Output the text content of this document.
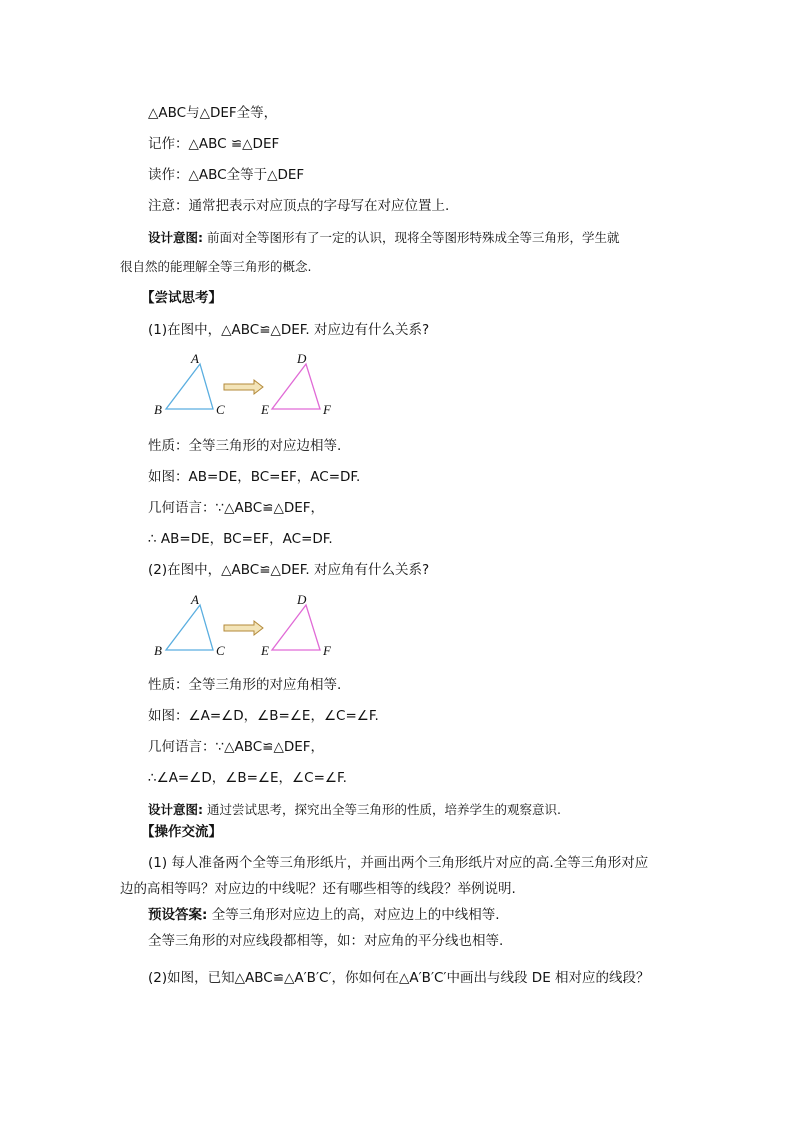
△ABC与△DEF全等，
记作：△ABC ≌△DEF
读作：△ABC全等于△DEF
注意：通常把表示对应顶点的字母写在对应位置上.
设计意图: 前面对全等图形有了一定的认识，现将全等图形特殊成全等三角形，学生就
很自然的能理解全等三角形的概念.
【尝试思考】
(1)在图中，△ABC≌△DEF. 对应边有什么关系?
A
B	C
D
E	F
性质：全等三角形的对应边相等.
如图：AB=DE，BC=EF，AC=DF.
几何语言：∵△ABC≌△DEF，
∴ AB=DE，BC=EF，AC=DF.
(2)在图中，△ABC≌△DEF. 对应角有什么关系?
A
B	C
D
E	F
性质：全等三角形的对应角相等.
如图：∠A=∠D，∠B=∠E，∠C=∠F.
几何语言：∵△ABC≌△DEF，
∴∠A=∠D，∠B=∠E，∠C=∠F.
设计意图: 通过尝试思考，探究出全等三角形的性质，培养学生的观察意识.
【操作交流】
(1) 每人准备两个全等三角形纸片，并画出两个三角形纸片对应的高.全等三角形对应
边的高相等吗？对应边的中线呢？还有哪些相等的线段？举例说明.
预设答案: 全等三角形对应边上的高，对应边上的中线相等.
全等三角形的对应线段都相等，如：对应角的平分线也相等.
(2)如图，已知△ABC≌△A′B′C′，你如何在△A′B′C′中画出与线段 DE 相对应的线段？
